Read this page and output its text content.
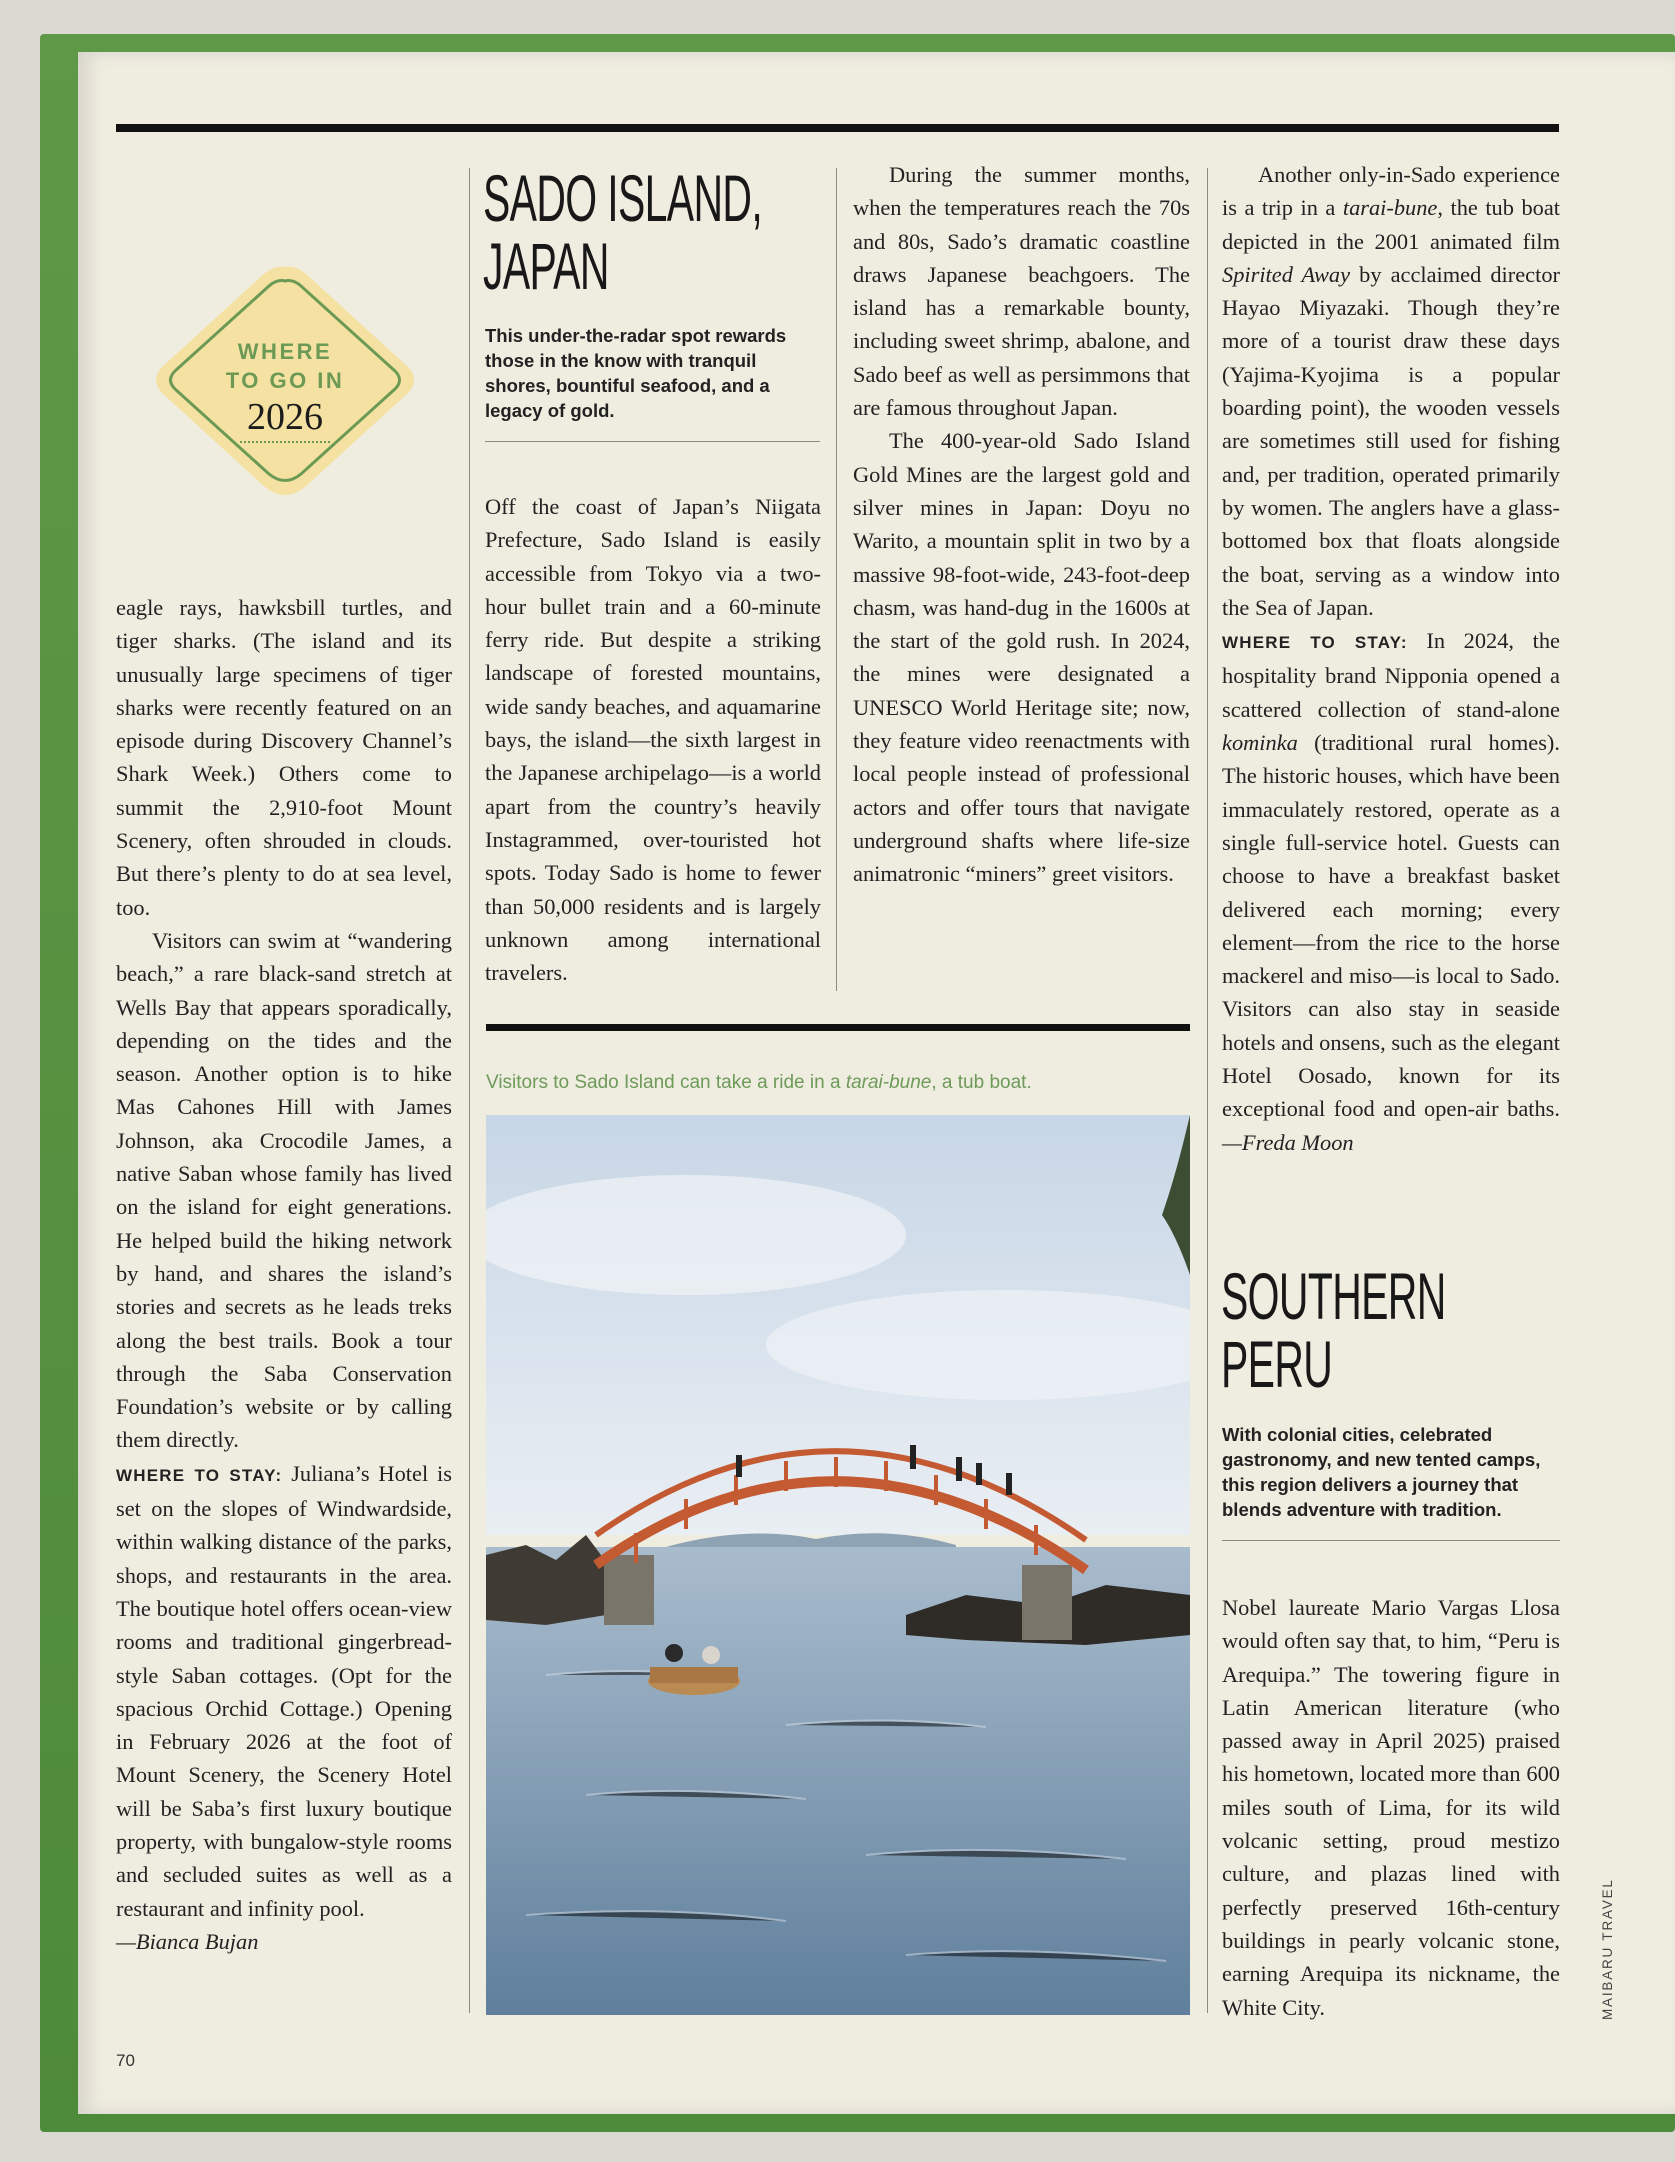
WHERE
TO GO IN
2026

eagle rays, hawksbill turtles, and tiger sharks. (The island and its unusually large specimens of tiger sharks were recently featured on an episode during Discovery Channel’s Shark Week.) Others come to summit the 2,910-foot Mount Scenery, often shrouded in clouds. But there’s plenty to do at sea level, too.

Visitors can swim at “wandering beach,” a rare black-sand stretch at Wells Bay that appears sporadically, depending on the tides and the season. Another option is to hike Mas Cahones Hill with James Johnson, aka Crocodile James, a native Saban whose family has lived on the island for eight generations. He helped build the hiking network by hand, and shares the island’s stories and secrets as he leads treks along the best trails. Book a tour through the Saba Conservation Foundation’s website or by calling them directly.

WHERE TO STAY: Juliana’s Hotel is set on the slopes of Windwardside, within walking distance of the parks, shops, and restaurants in the area. The boutique hotel offers ocean-view rooms and traditional gingerbread-style Saban cottages. (Opt for the spacious Orchid Cottage.) Opening in February 2026 at the foot of Mount Scenery, the Scenery Hotel will be Saba’s first luxury boutique property, with bungalow-style rooms and secluded suites as well as a restaurant and infinity pool.

—Bianca Bujan

SADO ISLAND,
JAPAN
This under-the-radar spot rewards those in the know with tranquil shores, bountiful seafood, and a legacy of gold.

Off the coast of Japan’s Niigata Prefecture, Sado Island is easily accessible from Tokyo via a two-hour bullet train and a 60-minute ferry ride. But despite a striking landscape of forested mountains, wide sandy beaches, and aquamarine bays, the island—the sixth largest in the Japanese archipelago—is a world apart from the country’s heavily Instagrammed, over-touristed hot spots. Today Sado is home to fewer than 50,000 residents and is largely unknown among international travelers.

During the summer months, when the temperatures reach the 70s and 80s, Sado’s dramatic coastline draws Japanese beachgoers. The island has a remarkable bounty, including sweet shrimp, abalone, and Sado beef as well as persimmons that are famous throughout Japan.

The 400-year-old Sado Island Gold Mines are the largest gold and silver mines in Japan: Doyu no Warito, a mountain split in two by a massive 98-foot-wide, 243-foot-deep chasm, was hand-dug in the 1600s at the start of the gold rush. In 2024, the mines were designated a UNESCO World Heritage site; now, they feature video reenactments with local people instead of professional actors and offer tours that navigate underground shafts where life-size animatronic “miners” greet visitors.

Visitors to Sado Island can take a ride in a tarai-bune, a tub boat.

Another only-in-Sado experience is a trip in a tarai-bune, the tub boat depicted in the 2001 animated film Spirited Away by acclaimed director Hayao Miyazaki. Though they’re more of a tourist draw these days (Yajima-Kyojima is a popular boarding point), the wooden vessels are sometimes still used for fishing and, per tradition, operated primarily by women. The anglers have a glass-bottomed box that floats alongside the boat, serving as a window into the Sea of Japan.

WHERE TO STAY: In 2024, the hospitality brand Nipponia opened a scattered collection of stand-alone kominka (traditional rural homes). The historic houses, which have been immaculately restored, operate as a single full-service hotel. Guests can choose to have a breakfast basket delivered each morning; every element—from the rice to the horse mackerel and miso—is local to Sado. Visitors can also stay in seaside hotels and onsens, such as the elegant Hotel Oosado, known for its exceptional food and open-air baths. —Freda Moon

SOUTHERN
PERU
With colonial cities, celebrated gastronomy, and new tented camps, this region delivers a journey that blends adventure with tradition.

Nobel laureate Mario Vargas Llosa would often say that, to him, “Peru is Arequipa.” The towering figure in Latin American literature (who passed away in April 2025) praised his hometown, located more than 600 miles south of Lima, for its wild volcanic setting, proud mestizo culture, and plazas lined with perfectly preserved 16th-century buildings in pearly volcanic stone, earning Arequipa its nickname, the White City.

70
MAIBARU TRAVEL
